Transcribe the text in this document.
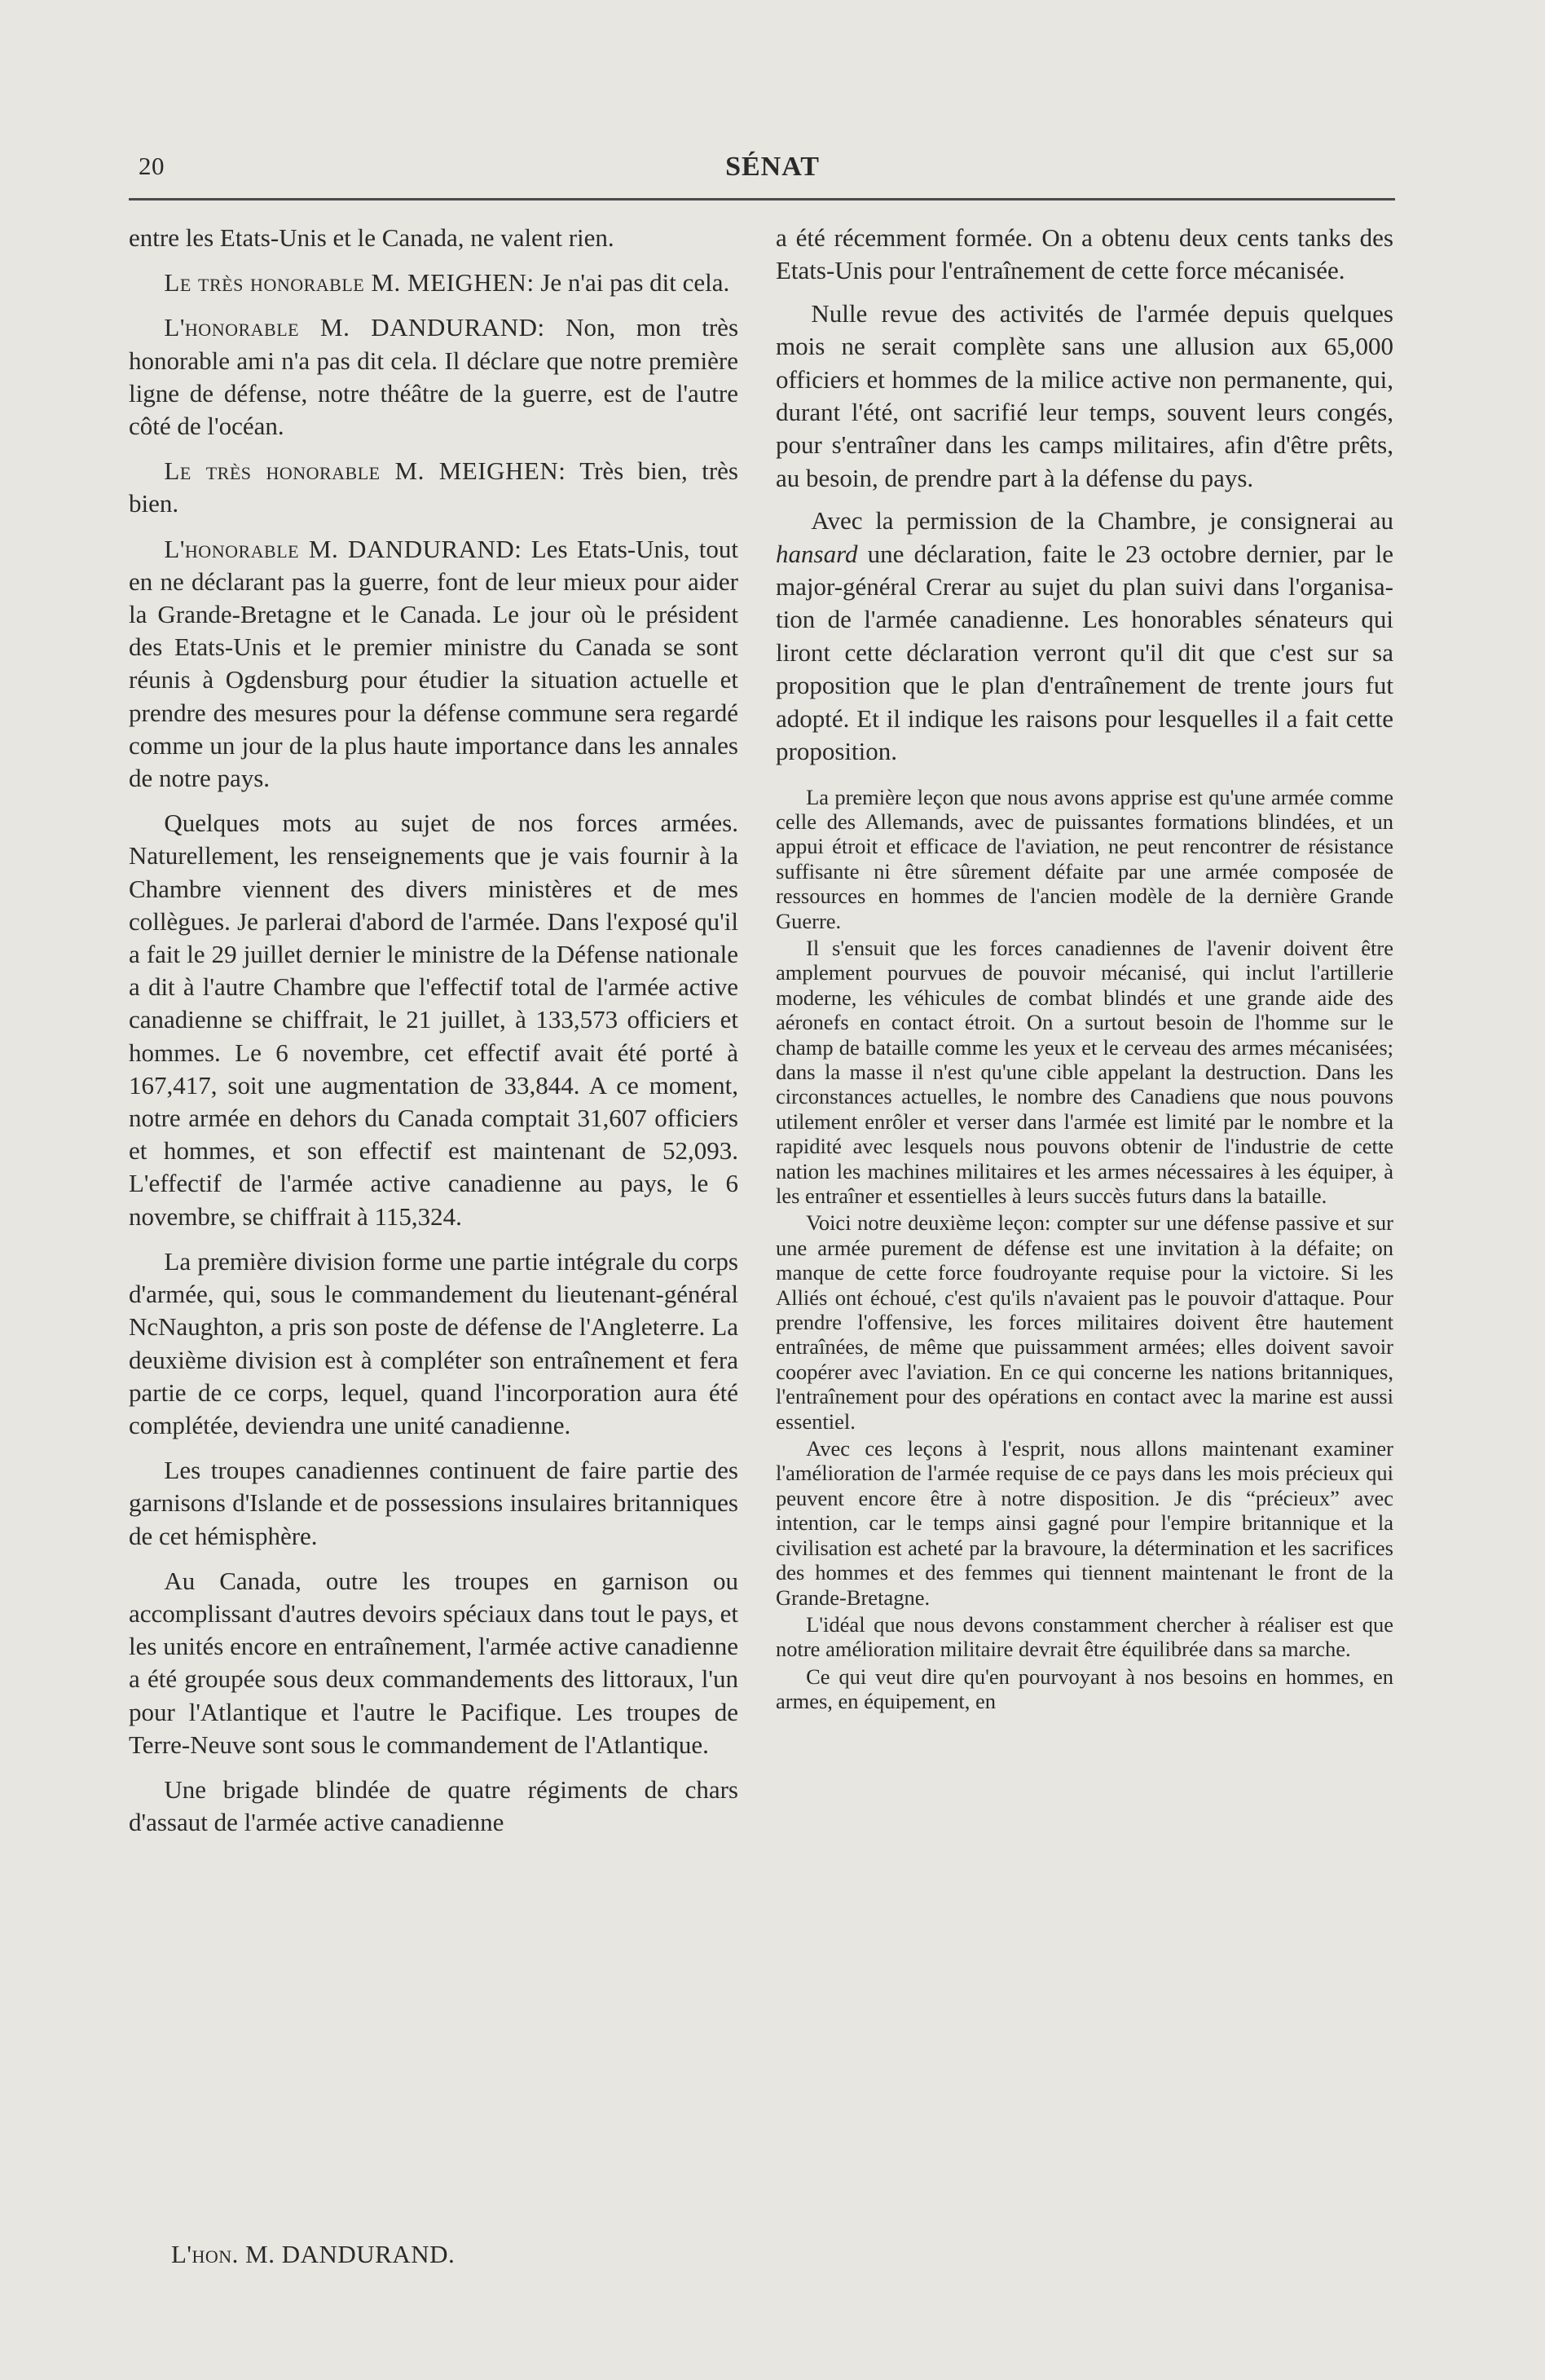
20	SÉNAT

entre les Etats-Unis et le Canada, ne valent rien.

Le très honorable M. MEIGHEN: Je n'ai pas dit cela.

L'honorable M. DANDURAND: Non, mon très honorable ami n'a pas dit cela. Il déclare que notre première ligne de défense, notre théâtre de la guerre, est de l'autre côté de l'océan.

Le très honorable M. MEIGHEN: Très bien, très bien.

L'honorable M. DANDURAND: Les Etats-Unis, tout en ne déclarant pas la guerre, font de leur mieux pour aider la Grande-Bretagne et le Canada. Le jour où le président des Etats-Unis et le premier ministre du Canada se sont réunis à Ogdensburg pour étudier la situation actuelle et prendre des mesures pour la défense commune sera regardé comme un jour de la plus haute importance dans les annales de notre pays.

Quelques mots au sujet de nos forces armées. Naturellement, les renseignements que je vais fournir à la Chambre viennent des divers ministères et de mes collègues. Je parlerai d'abord de l'armée. Dans l'exposé qu'il a fait le 29 juillet dernier le ministre de la Défense nationale a dit à l'autre Chambre que l'effectif total de l'armée active canadienne se chiffrait, le 21 juillet, à 133,573 officiers et hommes. Le 6 novembre, cet effectif avait été porté à 167,417, soit une augmentation de 33,844. A ce moment, notre armée en dehors du Canada comptait 31,607 officiers et hommes, et son effectif est maintenant de 52,093. L'effectif de l'armée active canadienne au pays, le 6 novembre, se chiffrait à 115,324.

La première division forme une partie intégrale du corps d'armée, qui, sous le commandement du lieutenant-général NcNaughton, a pris son poste de défense de l'Angleterre. La deuxième division est à compléter son entraînement et fera partie de ce corps, lequel, quand l'incorporation aura été complétée, deviendra une unité canadienne.

Les troupes canadiennes continuent de faire partie des garnisons d'Islande et de possessions insulaires britanniques de cet hémisphère.

Au Canada, outre les troupes en garnison ou accomplissant d'autres devoirs spéciaux dans tout le pays, et les unités encore en entraînement, l'armée active canadienne a été groupée sous deux commandements des littoraux, l'un pour l'Atlantique et l'autre le Pacifique. Les troupes de Terre-Neuve sont sous le commandement de l'Atlantique.

Une brigade blindée de quatre régiments de chars d'assaut de l'armée active canadienne

a été récemment formée. On a obtenu deux cents tanks des Etats-Unis pour l'entraînement de cette force mécanisée.

Nulle revue des activités de l'armée depuis quelques mois ne serait complète sans une allusion aux 65,000 officiers et hommes de la milice active non permanente, qui, durant l'été, ont sacrifié leur temps, souvent leurs congés, pour s'entraîner dans les camps militaires, afin d'être prêts, au besoin, de prendre part à la défense du pays.

Avec la permission de la Chambre, je consignerai au hansard une déclaration, faite le 23 octobre dernier, par le major-général Crerar au sujet du plan suivi dans l'organisation de l'armée canadienne. Les honorables sénateurs qui liront cette déclaration verront qu'il dit que c'est sur sa proposition que le plan d'entraînement de trente jours fut adopté. Et il indique les raisons pour lesquelles il a fait cette proposition.

La première leçon que nous avons apprise est qu'une armée comme celle des Allemands, avec de puissantes formations blindées, et un appui étroit et efficace de l'aviation, ne peut rencontrer de résistance suffisante ni être sûrement défaite par une armée composée de ressources en hommes de l'ancien modèle de la dernière Grande Guerre.

Il s'ensuit que les forces canadiennes de l'avenir doivent être amplement pourvues de pouvoir mécanisé, qui inclut l'artillerie moderne, les véhicules de combat blindés et une grande aide des aéronefs en contact étroit. On a surtout besoin de l'homme sur le champ de bataille comme les yeux et le cerveau des armes mécanisées; dans la masse il n'est qu'une cible appelant la destruction. Dans les circonstances actuelles, le nombre des Canadiens que nous pouvons utilement enrôler et verser dans l'armée est limité par le nombre et la rapidité avec lesquels nous pouvons obtenir de l'industrie de cette nation les machines militaires et les armes nécessaires à les équiper, à les entraîner et essentielles à leurs succès futurs dans la bataille.

Voici notre deuxième leçon: compter sur une défense passive et sur une armée purement de défense est une invitation à la défaite; on manque de cette force foudroyante requise pour la victoire. Si les Alliés ont échoué, c'est qu'ils n'avaient pas le pouvoir d'attaque. Pour prendre l'offensive, les forces militaires doivent être hautement entraînées, de même que puissamment armées; elles doivent savoir coopérer avec l'aviation. En ce qui concerne les nations britanniques, l'entraînement pour des opérations en contact avec la marine est aussi essentiel.

Avec ces leçons à l'esprit, nous allons maintenant examiner l'amélioration de l'armée requise de ce pays dans les mois précieux qui peuvent encore être à notre disposition. Je dis “précieux” avec intention, car le temps ainsi gagné pour l'empire britannique et la civilisation est acheté par la bravoure, la détermination et les sacrifices des hommes et des femmes qui tiennent maintenant le front de la Grande-Bretagne.

L'idéal que nous devons constamment chercher à réaliser est que notre amélioration militaire devrait être équilibrée dans sa marche.

Ce qui veut dire qu'en pourvoyant à nos besoins en hommes, en armes, en équipement, en

L'hon. M. DANDURAND.
